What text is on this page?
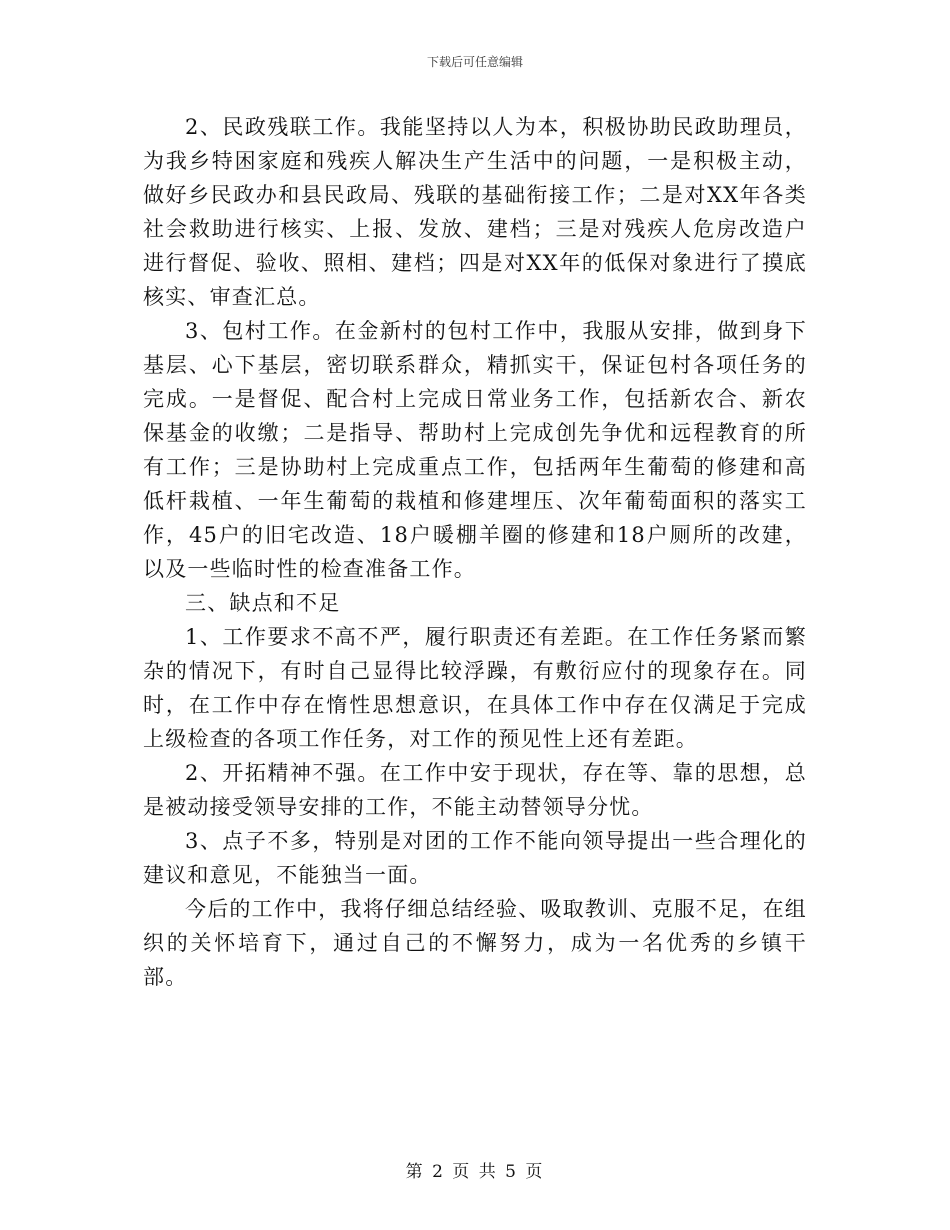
下载后可任意编辑

2、民政残联工作。我能坚持以人为本，积极协助民政助理员，为我乡特困家庭和残疾人解决生产生活中的问题，一是积极主动，做好乡民政办和县民政局、残联的基础衔接工作；二是对XX年各类社会救助进行核实、上报、发放、建档；三是对残疾人危房改造户进行督促、验收、照相、建档；四是对XX年的低保对象进行了摸底核实、审查汇总。

3、包村工作。在金新村的包村工作中，我服从安排，做到身下基层、心下基层，密切联系群众，精抓实干，保证包村各项任务的完成。一是督促、配合村上完成日常业务工作，包括新农合、新农保基金的收缴；二是指导、帮助村上完成创先争优和远程教育的所有工作；三是协助村上完成重点工作，包括两年生葡萄的修建和高低杆栽植、一年生葡萄的栽植和修建埋压、次年葡萄面积的落实工作，45户的旧宅改造、18户暖棚羊圈的修建和18户厕所的改建，以及一些临时性的检查准备工作。

三、缺点和不足

1、工作要求不高不严，履行职责还有差距。在工作任务紧而繁杂的情况下，有时自己显得比较浮躁，有敷衍应付的现象存在。同时，在工作中存在惰性思想意识，在具体工作中存在仅满足于完成上级检查的各项工作任务，对工作的预见性上还有差距。

2、开拓精神不强。在工作中安于现状，存在等、靠的思想，总是被动接受领导安排的工作，不能主动替领导分忧。

3、点子不多，特别是对团的工作不能向领导提出一些合理化的建议和意见，不能独当一面。

今后的工作中，我将仔细总结经验、吸取教训、克服不足，在组织的关怀培育下，通过自己的不懈努力，成为一名优秀的乡镇干部。

第 2 页 共 5 页
